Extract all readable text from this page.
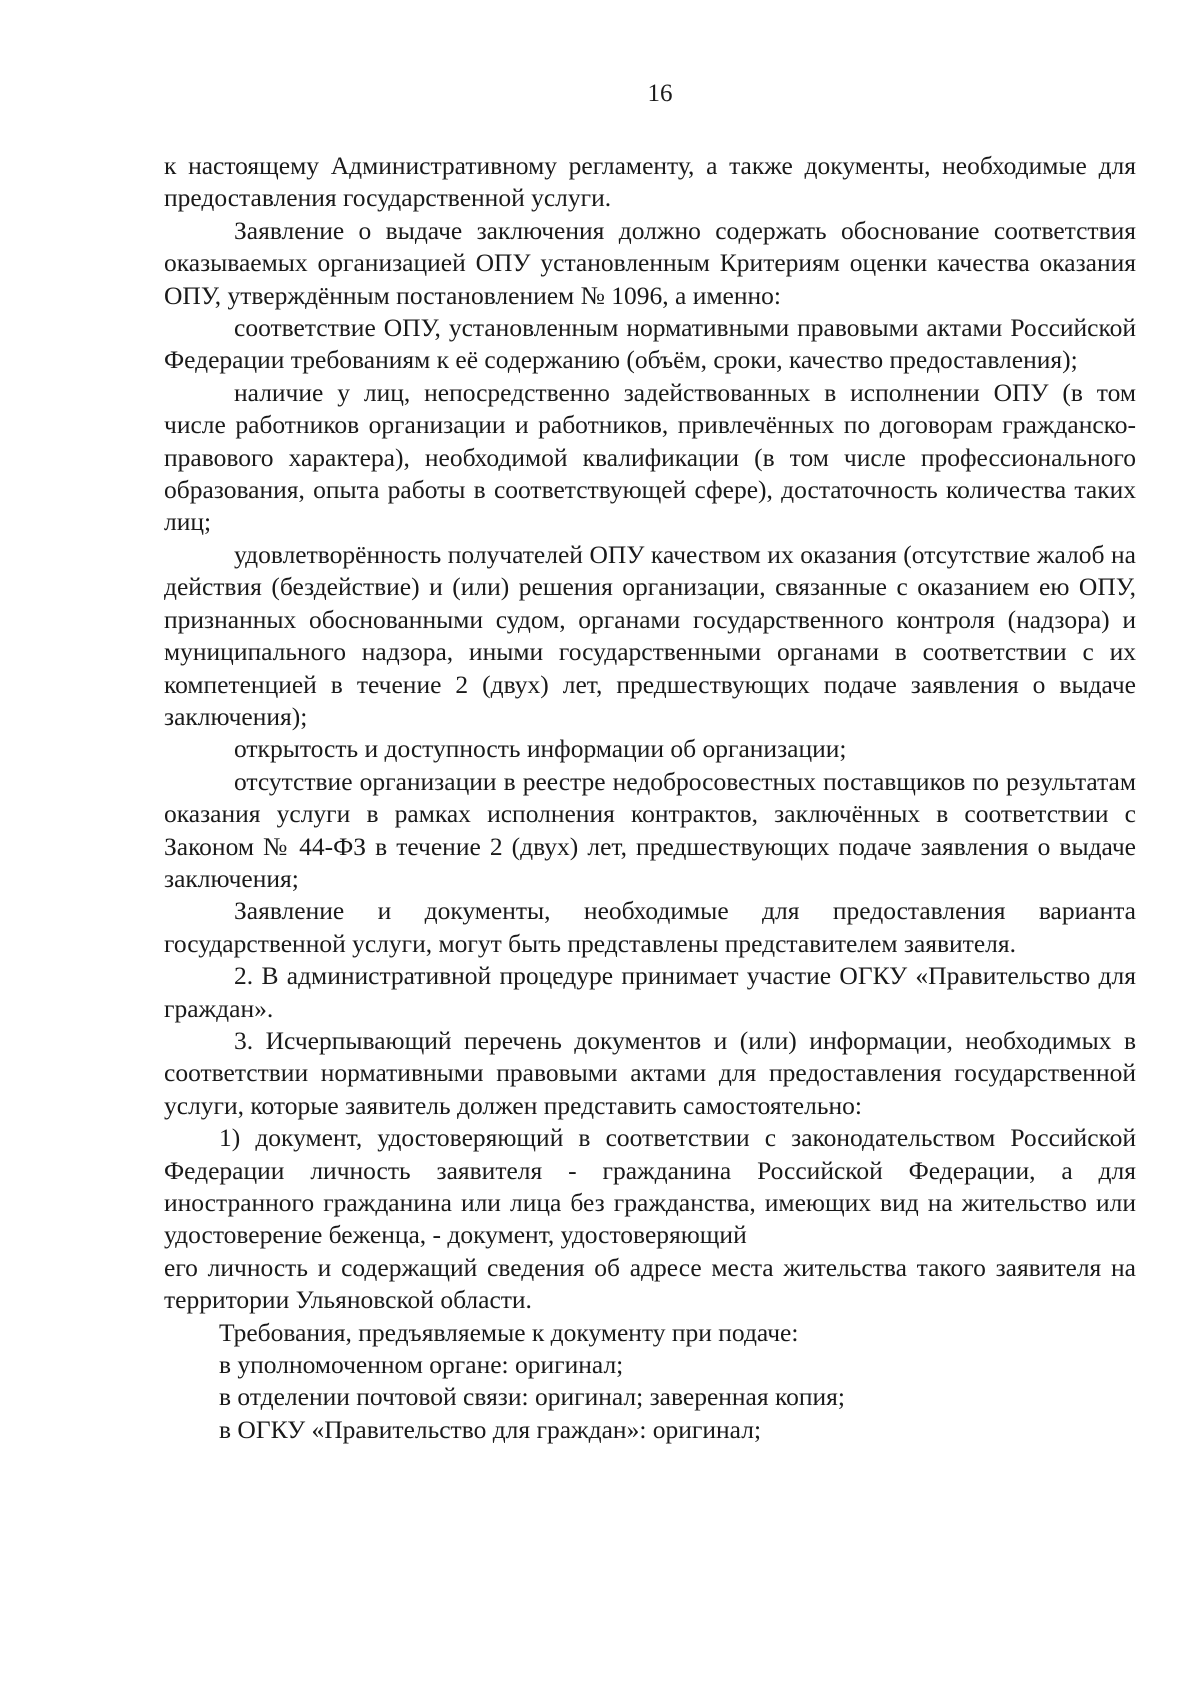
16

к настоящему Административному регламенту, а также документы, необходимые для предоставления государственной услуги.

Заявление о выдаче заключения должно содержать обоснование соответствия оказываемых организацией ОПУ установленным Критериям оценки качества оказания ОПУ, утверждённым постановлением № 1096, а именно:

соответствие ОПУ, установленным нормативными правовыми актами Российской Федерации требованиям к её содержанию (объём, сроки, качество предоставления);

наличие у лиц, непосредственно задействованных в исполнении ОПУ (в том числе работников организации и работников, привлечённых по договорам гражданско-правового характера), необходимой квалификации (в том числе профессионального образования, опыта работы в соответствующей сфере), достаточность количества таких лиц;

удовлетворённость получателей ОПУ качеством их оказания (отсутствие жалоб на действия (бездействие) и (или) решения организации, связанные с оказанием ею ОПУ, признанных обоснованными судом, органами государственного контроля (надзора) и муниципального надзора, иными государственными органами в соответствии с их компетенцией в течение 2 (двух) лет, предшествующих подаче заявления о выдаче заключения);

открытость и доступность информации об организации;

отсутствие организации в реестре недобросовестных поставщиков по результатам оказания услуги в рамках исполнения контрактов, заключённых в соответствии с Законом № 44-ФЗ в течение 2 (двух) лет, предшествующих подаче заявления о выдаче заключения;

Заявление и документы, необходимые для предоставления варианта государственной услуги, могут быть представлены представителем заявителя.

2. В административной процедуре принимает участие ОГКУ «Правительство для граждан».

3. Исчерпывающий перечень документов и (или) информации, необходимых в соответствии нормативными правовыми актами для предоставления государственной услуги, которые заявитель должен представить самостоятельно:

1) документ, удостоверяющий в соответствии с законодательством Российской Федерации личность заявителя - гражданина Российской Федерации, а для иностранного гражданина или лица без гражданства, имеющих вид на жительство или удостоверение беженца, - документ, удостоверяющий

его личность и содержащий сведения об адресе места жительства такого заявителя на территории Ульяновской области.

Требования, предъявляемые к документу при подаче:

в уполномоченном органе: оригинал;

в отделении почтовой связи: оригинал; заверенная копия;

в ОГКУ «Правительство для граждан»: оригинал;
